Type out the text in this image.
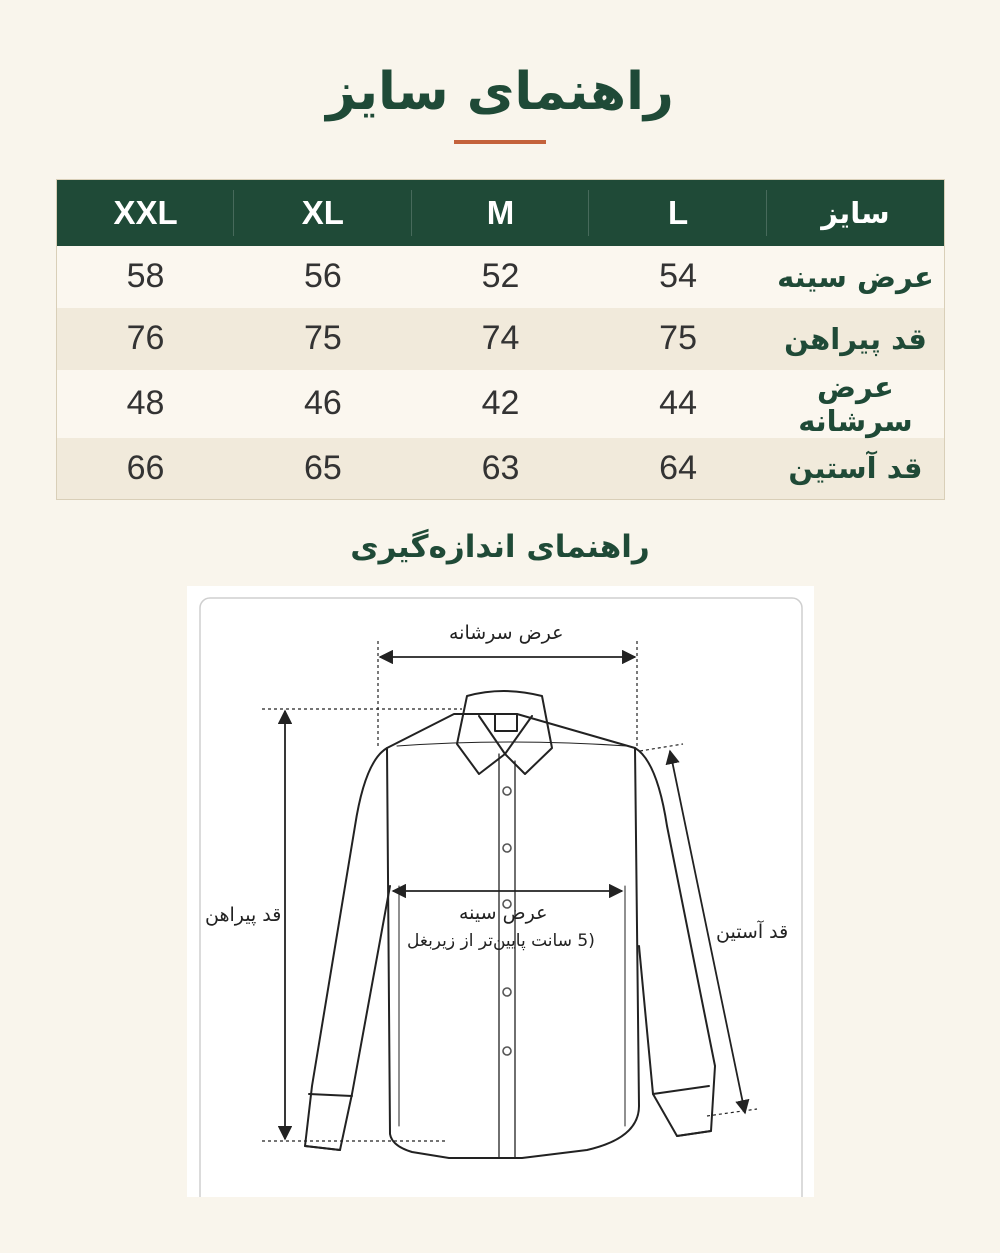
راهنمای سایز
XXL	XL	M	L	سایز
58	56	52	54	عرض سینه
76	75	74	75	قد پیراهن
48	46	42	44	عرض سرشانه
66	65	63	64	قد آستین
راهنمای اندازه‌گیری
عرض سرشانه
عرض سینه
(5 سانت پایین‌تر از زیربغل
قد پیراهن
قد آستین
